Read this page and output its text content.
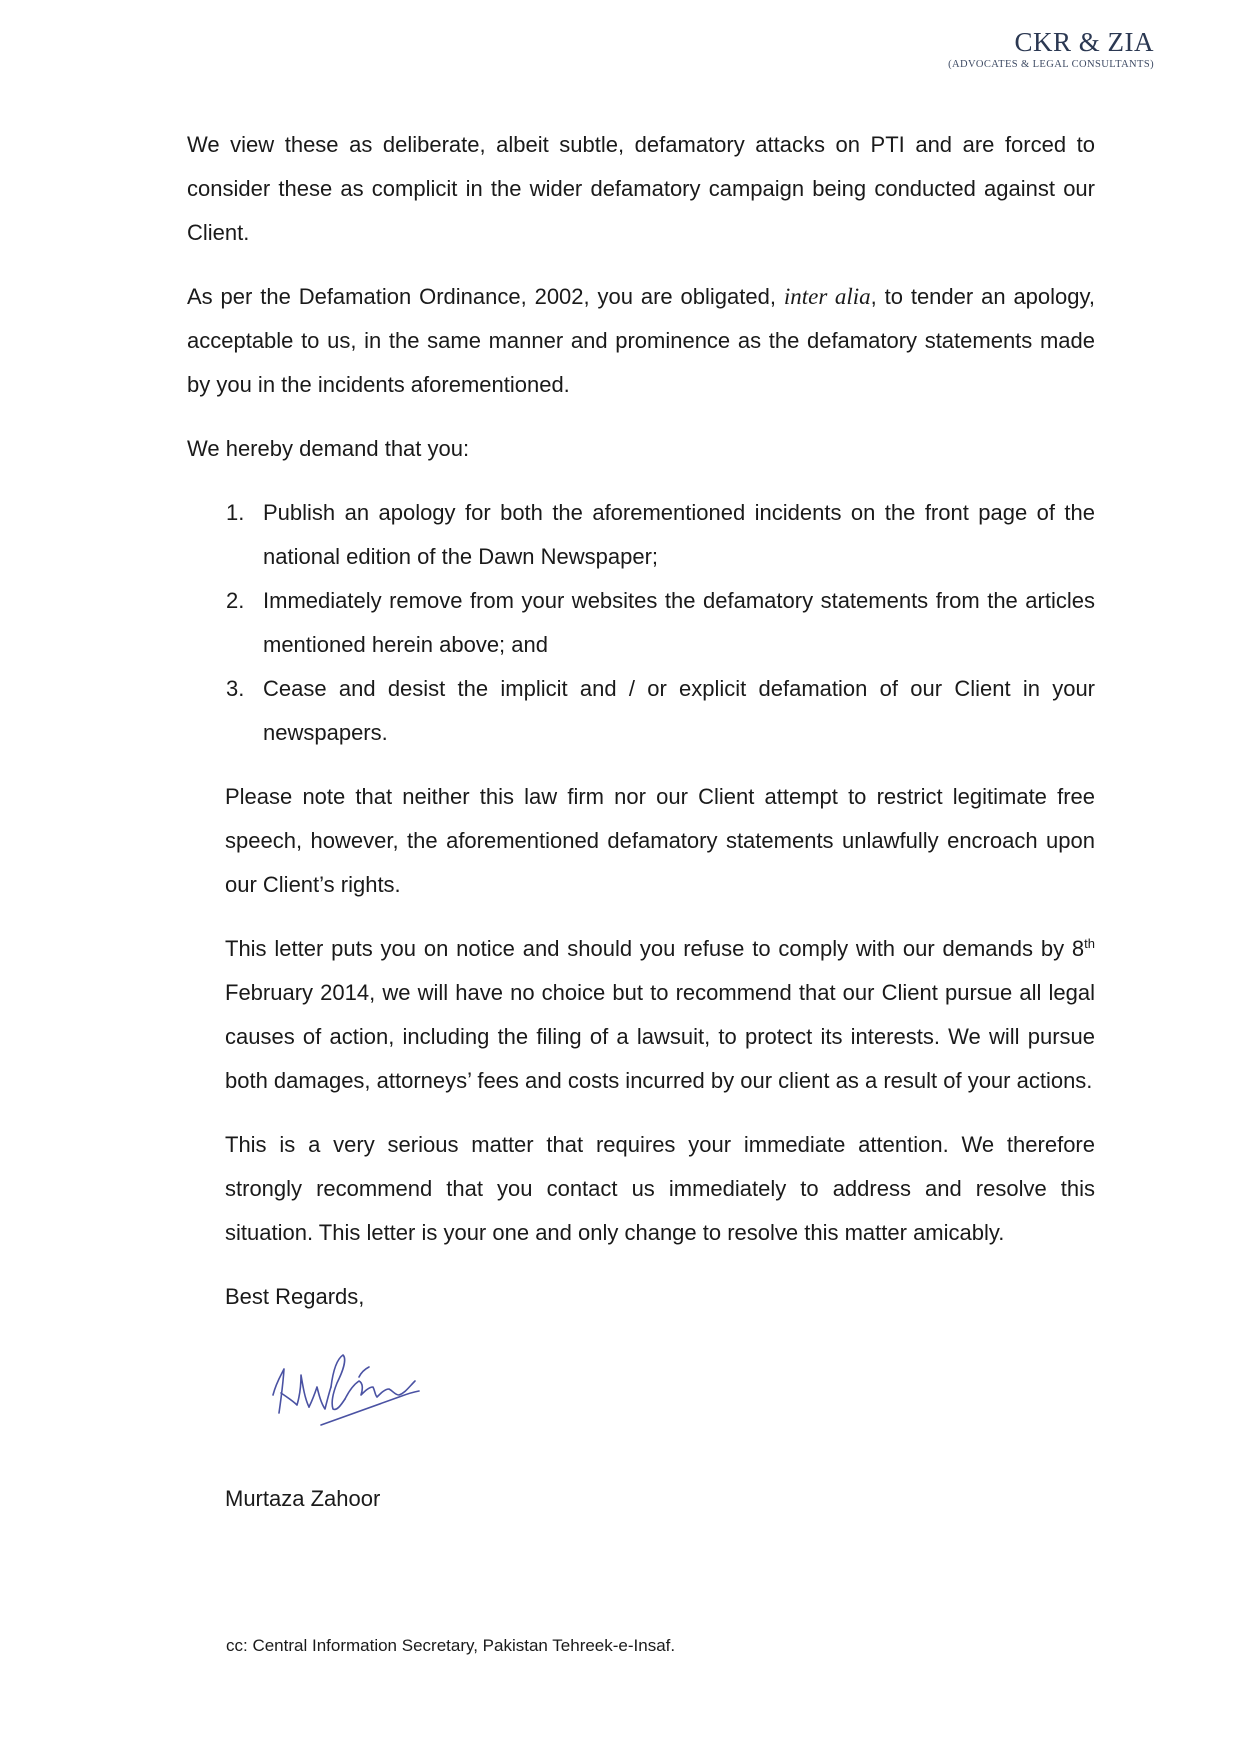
CKR & ZIA
(ADVOCATES & LEGAL CONSULTANTS)

We view these as deliberate, albeit subtle, defamatory attacks on PTI and are forced to consider these as complicit in the wider defamatory campaign being conducted against our Client.

As per the Defamation Ordinance, 2002, you are obligated, inter alia, to tender an apology, acceptable to us, in the same manner and prominence as the defamatory statements made by you in the incidents aforementioned.

We hereby demand that you:

1. Publish an apology for both the aforementioned incidents on the front page of the national edition of the Dawn Newspaper;
2. Immediately remove from your websites the defamatory statements from the articles mentioned herein above; and
3. Cease and desist the implicit and / or explicit defamation of our Client in your newspapers.

Please note that neither this law firm nor our Client attempt to restrict legitimate free speech, however, the aforementioned defamatory statements unlawfully encroach upon our Client’s rights.

This letter puts you on notice and should you refuse to comply with our demands by 8th February 2014, we will have no choice but to recommend that our Client pursue all legal causes of action, including the filing of a lawsuit, to protect its interests. We will pursue both damages, attorneys’ fees and costs incurred by our client as a result of your actions.

This is a very serious matter that requires your immediate attention. We therefore strongly recommend that you contact us immediately to address and resolve this situation. This letter is your one and only change to resolve this matter amicably.

Best Regards,
Murtaza Zahoor
cc: Central Information Secretary, Pakistan Tehreek-e-Insaf.
